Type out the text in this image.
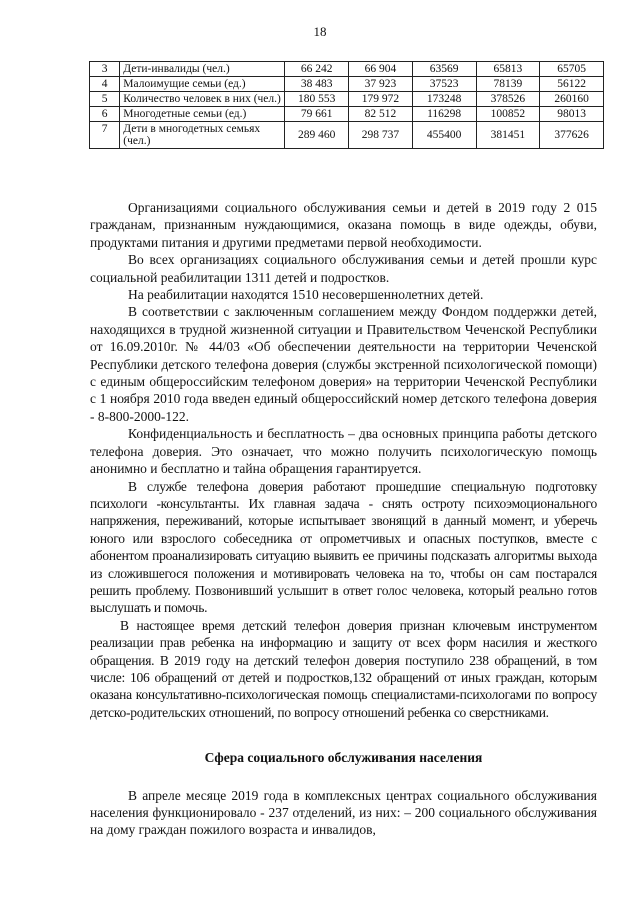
18
3	Дети-инвалиды (чел.)	66 242	66 904	63569	65813	65705
4	Малоимущие семьи (ед.)	38 483	37 923	37523	78139	56122
5	Количество человек в них (чел.)	180 553	179 972	173248	378526	260160
6	Многодетные семьи (ед.)	79 661	82 512	116298	100852	98013
7	Дети в многодетных семьях (чел.)	289 460	298 737	455400	381451	377626

Организациями социального обслуживания семьи и детей в 2019 году 2 015 гражданам, признанным нуждающимися, оказана помощь в виде одежды, обуви, продуктами питания и другими предметами первой необходимости.

Во всех организациях социального обслуживания семьи и детей прошли курс социальной реабилитации 1311 детей и подростков.

На реабилитации находятся 1510 несовершеннолетних детей.

В соответствии с заключенным соглашением между Фондом поддержки детей, находящихся в трудной жизненной ситуации и Правительством Чеченской Республики от 16.09.2010г. № 44/03 «Об обеспечении деятельности на территории Чеченской Республики детского телефона доверия (службы экстренной психологической помощи) с единым общероссийским телефоном доверия» на территории Чеченской Республики с 1 ноября 2010 года введен единый общероссийский номер детского телефона доверия - 8-800-2000-122.

Конфиденциальность и бесплатность – два основных принципа работы детского телефона доверия. Это означает, что можно получить психологическую помощь анонимно и бесплатно и тайна обращения гарантируется.

В службе телефона доверия работают прошедшие специальную подготовку психологи -консультанты. Их главная задача - снять остроту психоэмоционального напряжения, переживаний, которые испытывает звонящий в данный момент, и уберечь юного или взрослого собеседника от опрометчивых и опасных поступков, вместе с абонентом проанализировать ситуацию выявить ее причины подсказать алгоритмы выхода из сложившегося положения и мотивировать человека на то, чтобы он сам постарался решить проблему. Позвонивший услышит в ответ голос человека, который реально готов выслушать и помочь.

В настоящее время детский телефон доверия признан ключевым инструментом реализации прав ребенка на информацию и защиту от всех форм насилия и жесткого обращения. В 2019 году на детский телефон доверия поступило 238 обращений, в том числе: 106 обращений от детей и подростков,132 обращений от иных граждан, которым оказана консультативно-психологическая помощь специалистами-психологами по вопросу детско-родительских отношений, по вопросу отношений ребенка со сверстниками.

Сфера социального обслуживания населения

В апреле месяце 2019 года в комплексных центрах социального обслуживания населения функционировало - 237 отделений, из них: – 200 социального обслуживания на дому граждан пожилого возраста и инвалидов,
